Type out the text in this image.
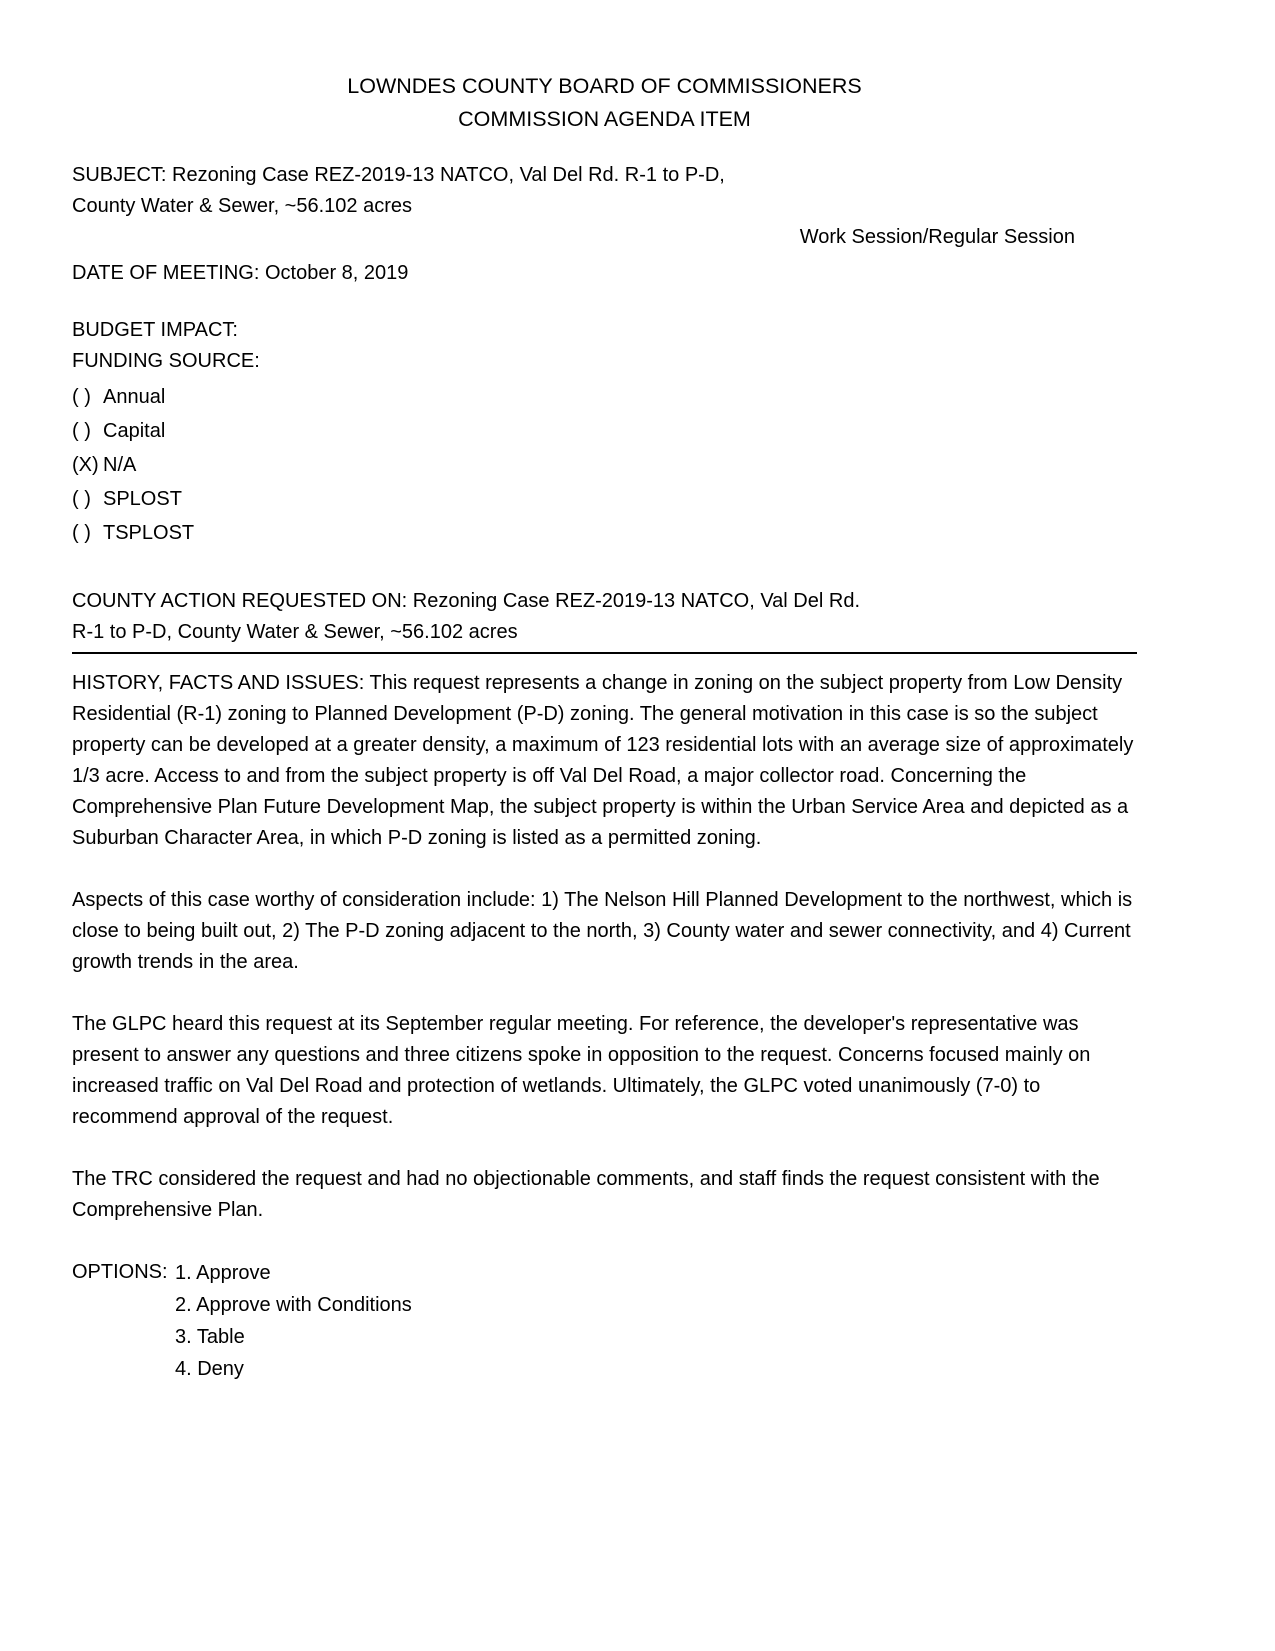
LOWNDES COUNTY BOARD OF COMMISSIONERS
COMMISSION AGENDA ITEM
SUBJECT: Rezoning Case REZ-2019-13 NATCO, Val Del Rd. R-1 to P-D,
County Water & Sewer, ~56.102 acres
Work Session/Regular Session
DATE OF MEETING: October 8, 2019
BUDGET IMPACT:
FUNDING SOURCE:
( ) Annual
( ) Capital
(X) N/A
( ) SPLOST
( ) TSPLOST
COUNTY ACTION REQUESTED ON: Rezoning Case REZ-2019-13 NATCO, Val Del Rd.
R-1 to P-D, County Water & Sewer, ~56.102 acres
HISTORY, FACTS AND ISSUES: This request represents a change in zoning on the subject property from Low Density Residential (R-1) zoning to Planned Development (P-D) zoning. The general motivation in this case is so the subject property can be developed at a greater density, a maximum of 123 residential lots with an average size of approximately 1/3 acre. Access to and from the subject property is off Val Del Road, a major collector road. Concerning the Comprehensive Plan Future Development Map, the subject property is within the Urban Service Area and depicted as a Suburban Character Area, in which P-D zoning is listed as a permitted zoning.
Aspects of this case worthy of consideration include: 1) The Nelson Hill Planned Development to the northwest, which is close to being built out, 2) The P-D zoning adjacent to the north, 3) County water and sewer connectivity, and 4) Current growth trends in the area.
The GLPC heard this request at its September regular meeting. For reference, the developer's representative was present to answer any questions and three citizens spoke in opposition to the request. Concerns focused mainly on increased traffic on Val Del Road and protection of wetlands. Ultimately, the GLPC voted unanimously (7-0) to recommend approval of the request.
The TRC considered the request and had no objectionable comments, and staff finds the request consistent with the Comprehensive Plan.
OPTIONS: 1. Approve
2. Approve with Conditions
3. Table
4. Deny
